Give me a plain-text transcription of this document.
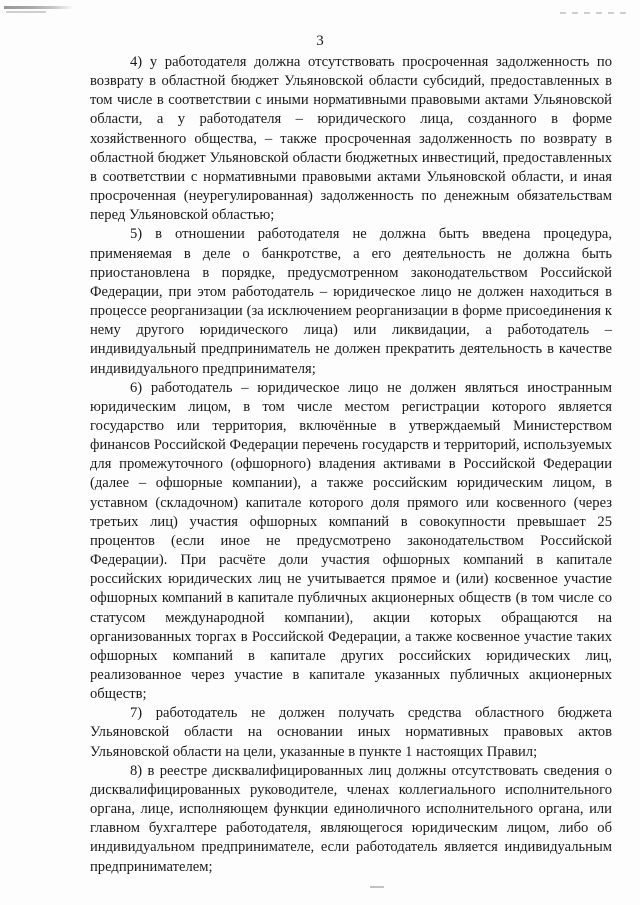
3

4) у работодателя должна отсутствовать просроченная задолженность по возврату в областной бюджет Ульяновской области субсидий, предоставленных в том числе в соответствии с иными нормативными правовыми актами Ульяновской области, а у работодателя – юридического лица, созданного в форме хозяйственного общества, – также просроченная задолженность по возврату в областной бюджет Ульяновской области бюджетных инвестиций, предоставленных в соответствии с нормативными правовыми актами Ульяновской области, и иная просроченная (неурегулированная) задолженность по денежным обязательствам перед Ульяновской областью;

5) в отношении работодателя не должна быть введена процедура, применяемая в деле о банкротстве, а его деятельность не должна быть приостановлена в порядке, предусмотренном законодательством Российской Федерации, при этом работодатель – юридическое лицо не должен находиться в процессе реорганизации (за исключением реорганизации в форме присоединения к нему другого юридического лица) или ликвидации, а работодатель – индивидуальный предприниматель не должен прекратить деятельность в качестве индивидуального предпринимателя;

6) работодатель – юридическое лицо не должен являться иностранным юридическим лицом, в том числе местом регистрации которого является государство или территория, включённые в утверждаемый Министерством финансов Российской Федерации перечень государств и территорий, используемых для промежуточного (офшорного) владения активами в Российской Федерации (далее – офшорные компании), а также российским юридическим лицом, в уставном (складочном) капитале которого доля прямого или косвенного (через третьих лиц) участия офшорных компаний в совокупности превышает 25 процентов (если иное не предусмотрено законодательством Российской Федерации). При расчёте доли участия офшорных компаний в капитале российских юридических лиц не учитывается прямое и (или) косвенное участие офшорных компаний в капитале публичных акционерных обществ (в том числе со статусом международной компании), акции которых обращаются на организованных торгах в Российской Федерации, а также косвенное участие таких офшорных компаний в капитале других российских юридических лиц, реализованное через участие в капитале указанных публичных акционерных обществ;

7) работодатель не должен получать средства областного бюджета Ульяновской области на основании иных нормативных правовых актов Ульяновской области на цели, указанные в пункте 1 настоящих Правил;

8) в реестре дисквалифицированных лиц должны отсутствовать сведения о дисквалифицированных руководителе, членах коллегиального исполнительного органа, лице, исполняющем функции единоличного исполнительного органа, или главном бухгалтере работодателя, являющегося юридическим лицом, либо об индивидуальном предпринимателе, если работодатель является индивидуальным предпринимателем;
